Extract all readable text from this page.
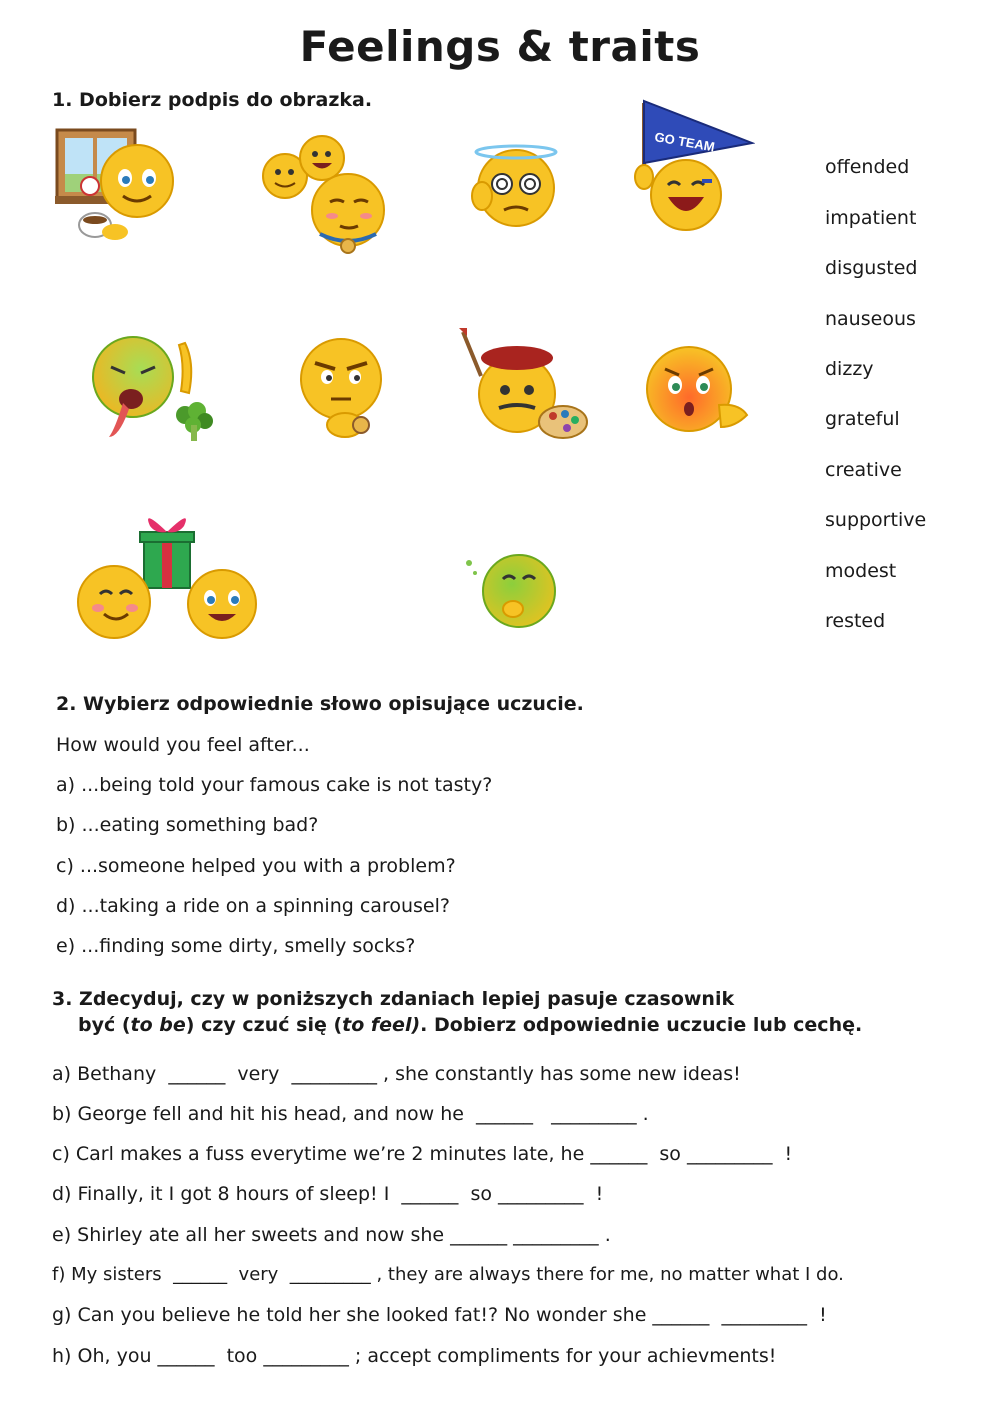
Feelings & traits
1. Dobierz podpis do obrazka.
GO TEAM
offended
impatient
disgusted
nauseous
dizzy
grateful
creative
supportive
modest
rested
2. Wybierz odpowiednie słowo opisujące uczucie.
How would you feel after...
a) ...being told your famous cake is not tasty?
b) ...eating something bad?
c) ...someone helped you with a problem?
d) ...taking a ride on a spinning carousel?
e) ...finding some dirty, smelly socks?
3. Zdecyduj, czy w poniższych zdaniach lepiej pasuje czasownik
być (to be) czy czuć się (to feel). Dobierz odpowiednie uczucie lub cechę.
a) Bethany  ______  very  _________ , she constantly has some new ideas!
b) George fell and hit his head, and now he  ______   _________ .
c) Carl makes a fuss everytime we’re 2 minutes late, he ______  so _________  !
d) Finally, it I got 8 hours of sleep! I  ______  so _________  !
e) Shirley ate all her sweets and now she ______ _________ .
f) My sisters  ______  very  _________ , they are always there for me, no matter what I do.
g) Can you believe he told her she looked fat!? No wonder she ______  _________  !
h) Oh, you ______  too _________ ; accept compliments for your achievments!
